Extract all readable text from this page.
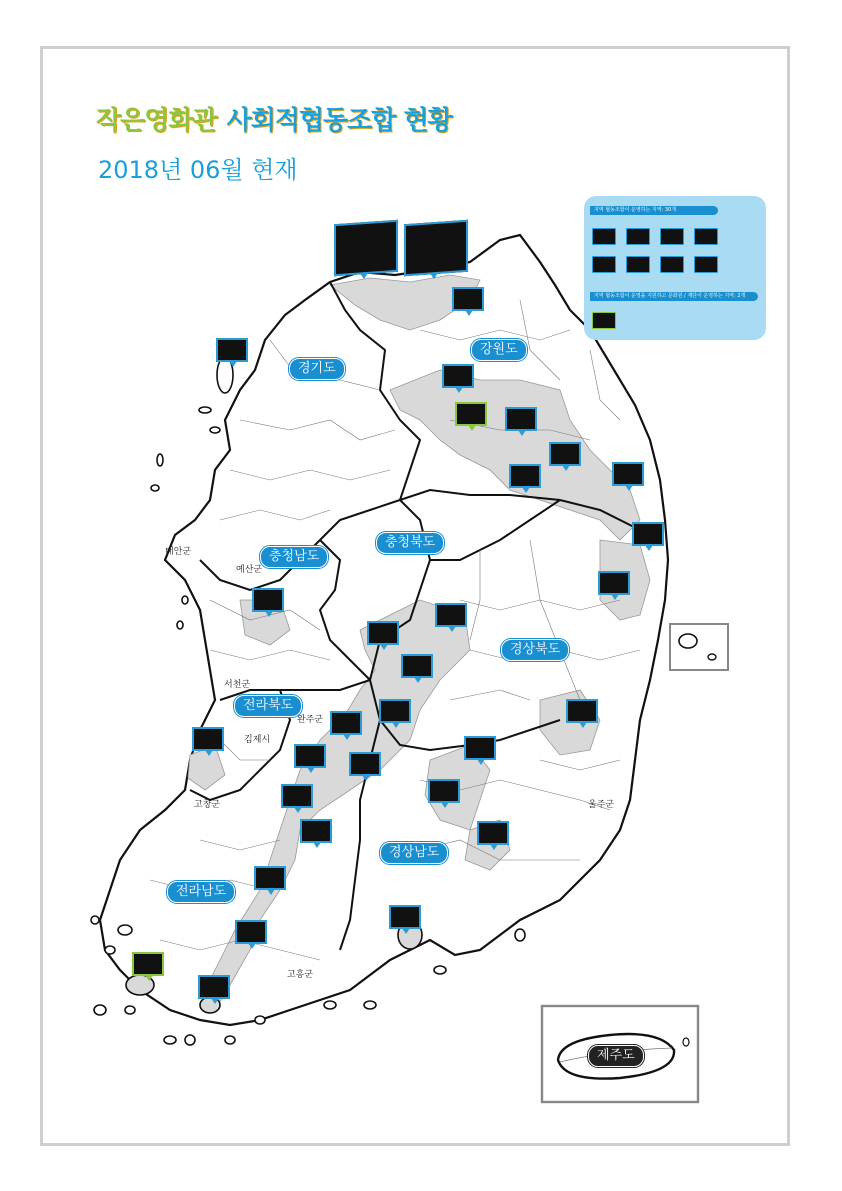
작은영화관 사회적협동조합 현황
2018년 06월 현재
지역 협동조합이 운영하는 지역: 30개
지역 협동조합이 운영을 지원하고 문화원 / 재단이 운영하는 지역: 2개
경기도
강원도
충청남도
충청북도
경상북도
전라북도
경상남도
전라남도
제주도
태안군
예산군
서천군
완주군
김제시
고창군	울주군
고흥군
